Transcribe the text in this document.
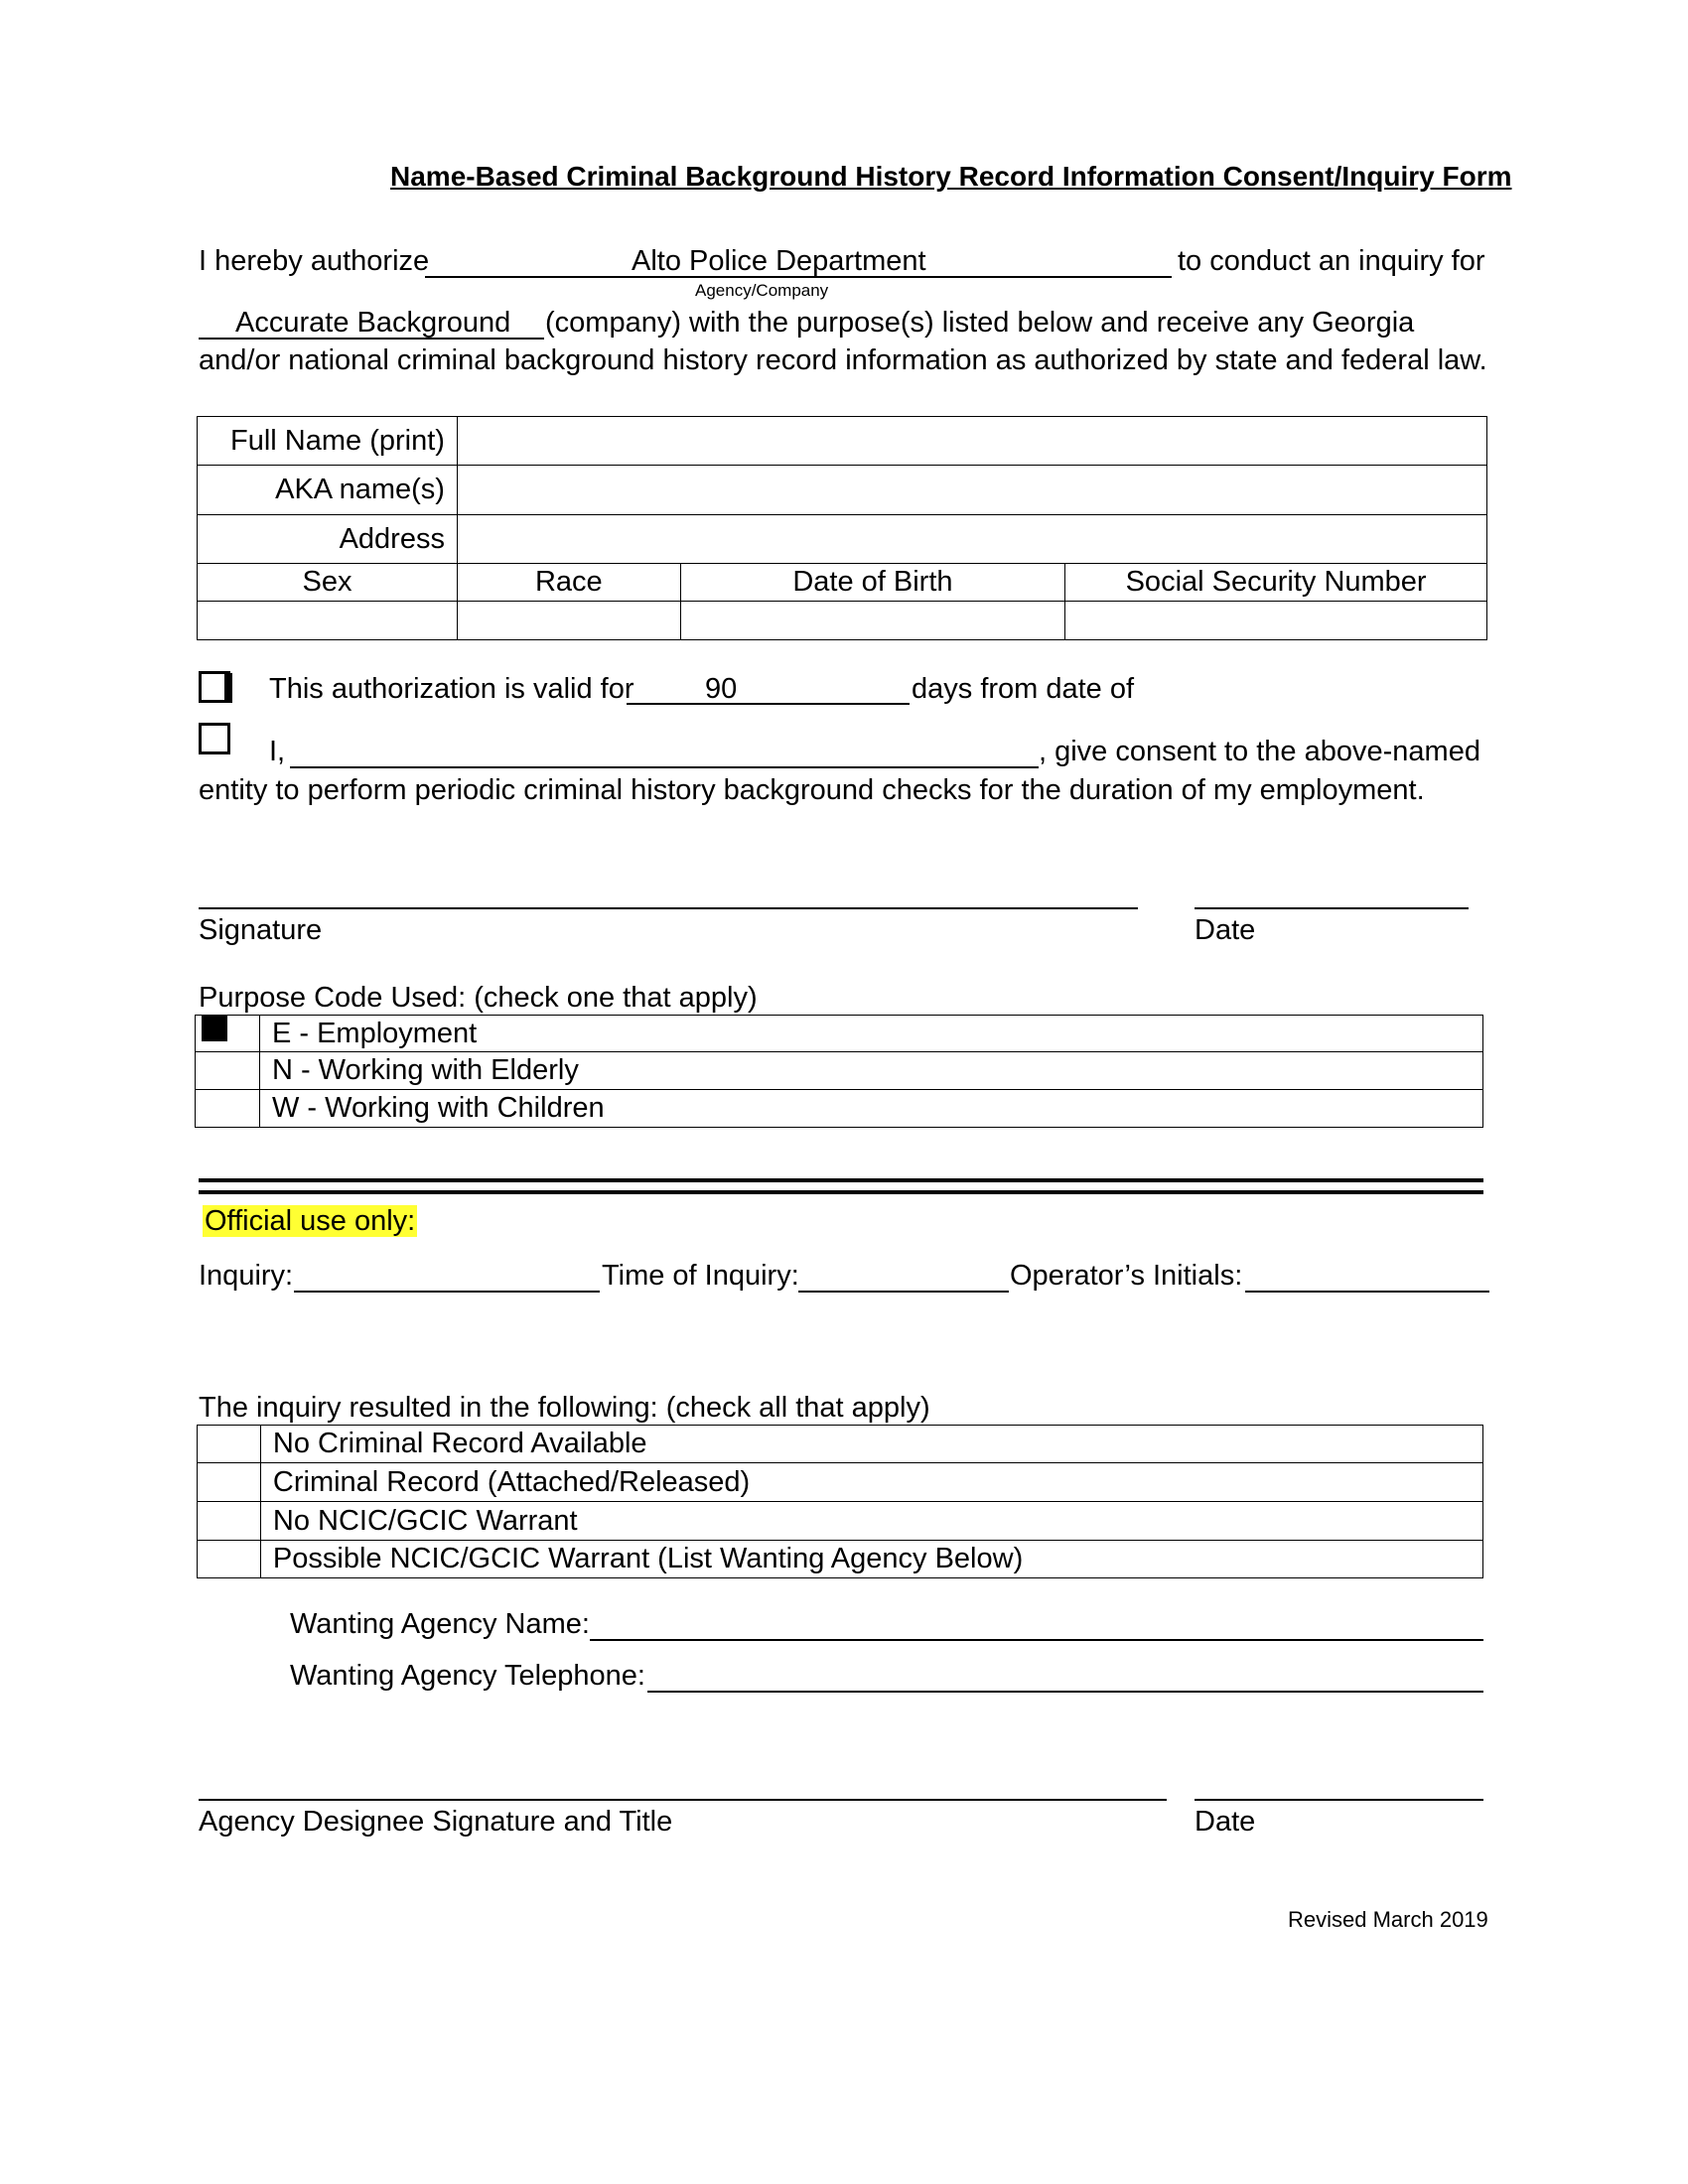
Name-Based Criminal Background History Record Information Consent/Inquiry Form
I hereby authorize	Alto Police Department	to conduct an inquiry for
Agency/Company
Accurate Background (company) with the purpose(s) listed below and receive any Georgia
and/or national criminal background history record information as authorized by state and federal law.
Full Name (print)			
AKA name(s)			
Address			
Sex	Race	Date of Birth	Social Security Number

This authorization is valid for 90	days from date of
I,	, give consent to the above-named
entity to perform periodic criminal history background checks for the duration of my employment.
Signature	Date
Purpose Code Used: (check one that apply)
	E - Employment
	N - Working with Elderly
	W - Working with Children
Official use only:
Inquiry:	Time of Inquiry:	Operator’s Initials:
The inquiry resulted in the following: (check all that apply)
	No Criminal Record Available
	Criminal Record (Attached/Released)
	No NCIC/GCIC Warrant
	Possible NCIC/GCIC Warrant (List Wanting Agency Below)
Wanting Agency Name:
Wanting Agency Telephone:
Agency Designee Signature and Title	Date
Revised March 2019
